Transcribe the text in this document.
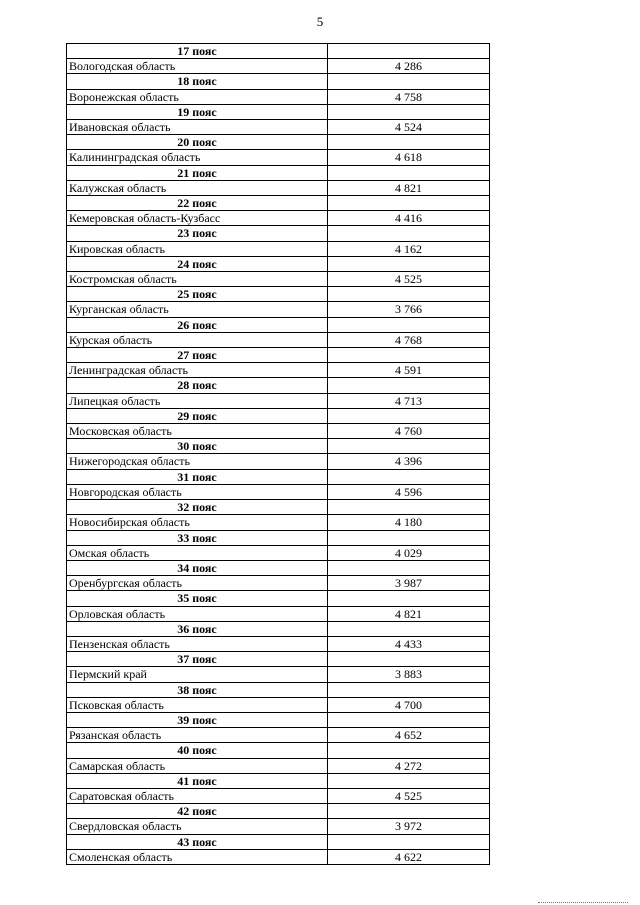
5
17 пояс	
Вологодская область	4 286
18 пояс	
Воронежская область	4 758
19 пояс	
Ивановская область	4 524
20 пояс	
Калининградская область	4 618
21 пояс	
Калужская область	4 821
22 пояс	
Кемеровская область-Кузбасс	4 416
23 пояс	
Кировская область	4 162
24 пояс	
Костромская область	4 525
25 пояс	
Курганская область	3 766
26 пояс	
Курская область	4 768
27 пояс	
Ленинградская область	4 591
28 пояс	
Липецкая область	4 713
29 пояс	
Московская область	4 760
30 пояс	
Нижегородская область	4 396
31 пояс	
Новгородская область	4 596
32 пояс	
Новосибирская область	4 180
33 пояс	
Омская область	4 029
34 пояс	
Оренбургская область	3 987
35 пояс	
Орловская область	4 821
36 пояс	
Пензенская область	4 433
37 пояс	
Пермский край	3 883
38 пояс	
Псковская область	4 700
39 пояс	
Рязанская область	4 652
40 пояс	
Самарская область	4 272
41 пояс	
Саратовская область	4 525
42 пояс	
Свердловская область	3 972
43 пояс	
Смоленская область	4 622
